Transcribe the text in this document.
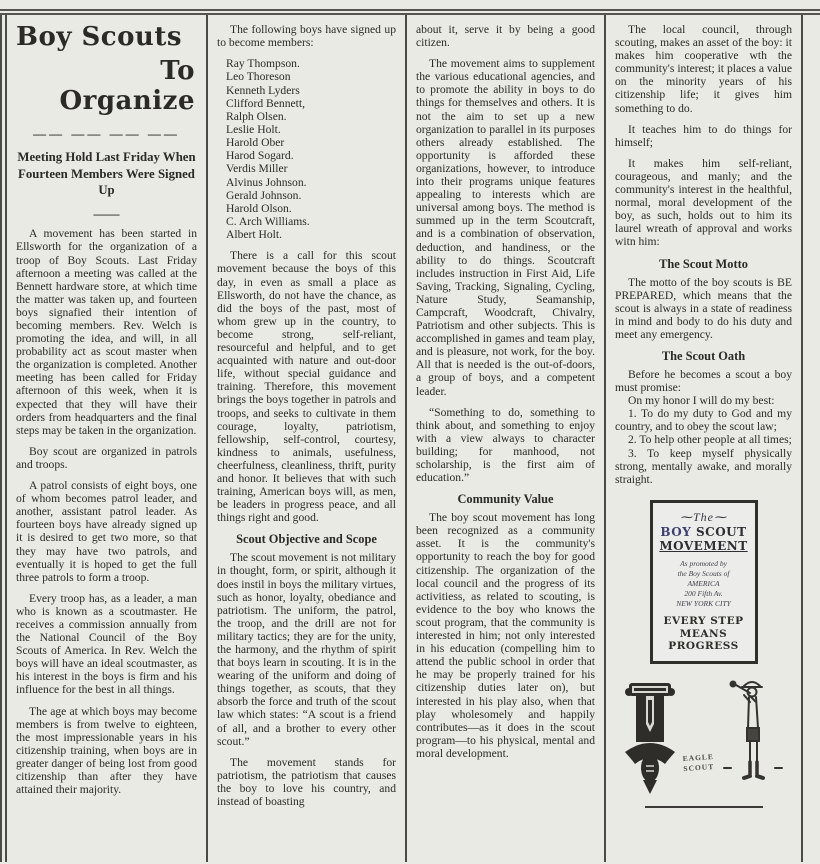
Boy Scouts
To Organize
—— —— —— ——
Meeting Hold Last Friday When Fourteen Members Were Signed Up
——

A movement has been started in Ellsworth for the organization of a troop of Boy Scouts. Last Friday afternoon a meeting was called at the Bennett hardware store, at which time the matter was taken up, and fourteen boys signafied their intention of becoming members. Rev. Welch is promoting the idea, and will, in all probability act as scout master when the organization is completed. Another meeting has been called for Friday afternoon of this week, when it is expected that they will have their orders from headquarters and the final steps may be taken in the organization.

Boy scout are organized in patrols and troops.

A patrol consists of eight boys, one of whom becomes patrol leader, and another, assistant patrol leader. As fourteen boys have already signed up it is desired to get two more, so that they may have two patrols, and eventually it is hoped to get the full three patrols to form a troop.

Every troop has, as a leader, a man who is known as a scoutmaster. He receives a commission annually from the National Council of the Boy Scouts of America. In Rev. Welch the boys will have an ideal scoutmaster, as his interest in the boys is firm and his influence for the best in all things.

The age at which boys may become members is from twelve to eighteen, the most impressionable years in his citizenship training, when boys are in greater danger of being lost from good citizenship than after they have attained their majority.

The following boys have signed up to become members:

Ray Thompson.
Leo Thoreson
Kenneth Lyders
Clifford Bennett,
Ralph Olsen.
Leslie Holt.
Harold Ober
Harod Sogard.
Verdis Miller
Alvinus Johnson.
Gerald Johnson.
Harold Olson.
C. Arch Williams.
Albert Holt.

There is a call for this scout movement because the boys of this day, in even as small a place as Ellsworth, do not have the chance, as did the boys of the past, most of whom grew up in the country, to become strong, self-reliant, resourceful and helpful, and to get acquainted with nature and out-door life, without special guidance and training. Therefore, this movement brings the boys together in patrols and troops, and seeks to cultivate in them courage, loyalty, patriotism, fellowship, self-control, courtesy, kindness to animals, usefulness, cheerfulness, cleanliness, thrift, purity and honor. It believes that with such training, American boys will, as men, be leaders in progress peace, and all things right and good.

Scout Objective and Scope

The scout movement is not military in thought, form, or spirit, although it does instil in boys the military virtues, such as honor, loyalty, obediance and patriotism. The uniform, the patrol, the troop, and the drill are not for military tactics; they are for the unity, the harmony, and the rhythm of spirit that boys learn in scouting. It is in the wearing of the uniform and doing of things together, as scouts, that they absorb the force and truth of the scout law which states: “A scout is a friend of all, and a brother to every other scout.”

The movement stands for patriotism, the patriotism that causes the boy to love his country, and instead of boasting

about it, serve it by being a good citizen.

The movement aims to supplement the various educational agencies, and to promote the ability in boys to do things for themselves and others. It is not the aim to set up a new organization to parallel in its purposes others already established. The opportunity is afforded these organizations, however, to introduce into their programs unique features appealing to interests which are universal among boys. The method is summed up in the term Scoutcraft, and is a combination of observation, deduction, and handiness, or the ability to do things. Scoutcraft includes instruction in First Aid, Life Saving, Tracking, Signaling, Cycling, Nature Study, Seamanship, Campcraft, Woodcraft, Chivalry, Patriotism and other subjects. This is accomplished in games and team play, and is pleasure, not work, for the boy. All that is needed is the out-of-doors, a group of boys, and a competent leader.

“Something to do, something to think about, and something to enjoy with a view always to character building; for manhood, not scholarship, is the first aim of education.”

Community Value

The boy scout movement has long been recognized as a community asset. It is the community's opportunity to reach the boy for good citizenship. The organization of the local council and the progress of its activitiess, as related to scouting, is evidence to the boy who knows the scout program, that the community is interested in him; not only interested in his education (compelling him to attend the public school in order that he may be properly trained for his citizenship duties later on), but interested in his play also, when that play wholesomely and happily contributes—as it does in the scout program—to his physical, mental and moral development.

The local council, through scouting, makes an asset of the boy: it makes him cooperative wth the community's interest; it places a value on the minority years of his citizenship life; it gives him something to do.

It teaches him to do things for himself;

It makes him self-reliant, courageous, and manly; and the community's interest in the healthful, normal, moral development of the boy, as such, holds out to him its laurel wreath of approval and works witn him:

The Scout Motto

The motto of the boy scouts is BE PREPARED, which means that the scout is always in a state of readiness in mind and body to do his duty and meet any emergency.

The Scout Oath

Before he becomes a scout a boy must promise:

On my honor I will do my best:

1. To do my duty to God and my country, and to obey the scout law;

2. To help other people at all times;

3. To keep myself physically strong, mentally awake, and morally straight.

⁓The⁓
BOY SCOUT
MOVEMENT
As promoted by
the Boy Scouts of
AMERICA
200 Fifth Av.
NEW YORK CITY
EVERY STEP
MEANS
PROGRESS
EAGLE
SCOUT
